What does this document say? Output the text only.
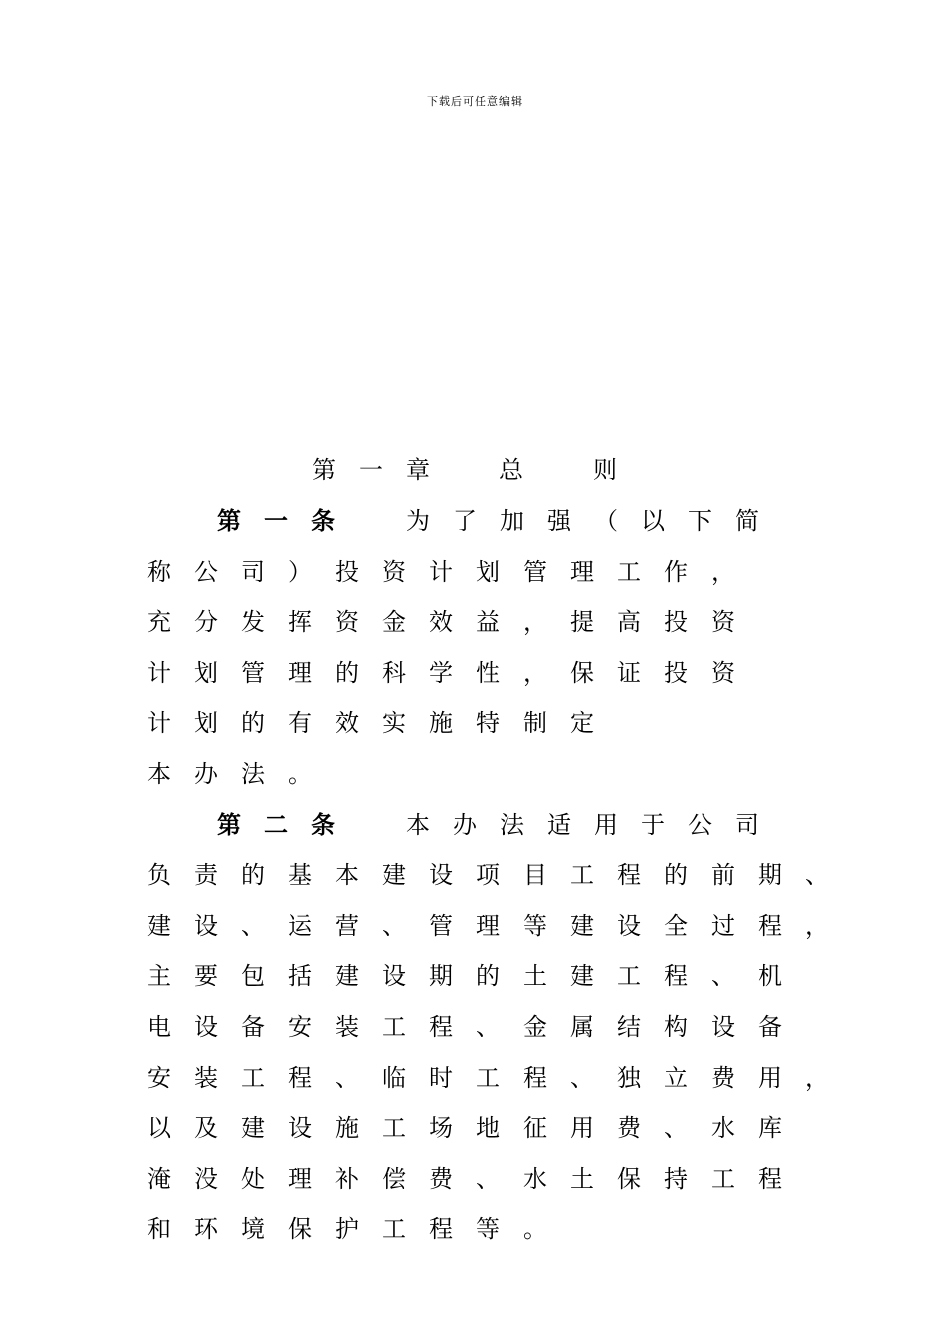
下载后可任意编辑
第 一 章	总	则
第 一 条	为 了 加 强 （ 以 下 简
称 公 司 ） 投 资 计 划 管 理 工 作 ，
充 分 发 挥 资 金 效 益 ， 提 高 投 资
计 划 管 理 的 科 学 性 ， 保 证 投 资
计 划 的 有 效 实 施 特 制 定
本 办 法 。
第 二 条	本 办 法 适 用 于 公 司
负 责 的 基 本 建 设 项 目 工 程 的 前 期 、
建 设 、 运 营 、 管 理 等 建 设 全 过 程 ，
主 要 包 括 建 设 期 的 土 建 工 程 、 机
电 设 备 安 装 工 程 、 金 属 结 构 设 备
安 装 工 程 、 临 时 工 程 、 独 立 费 用 ，
以 及 建 设 施 工 场 地 征 用 费 、 水 库
淹 没 处 理 补 偿 费 、 水 土 保 持 工 程
和 环 境 保 护 工 程 等 。
